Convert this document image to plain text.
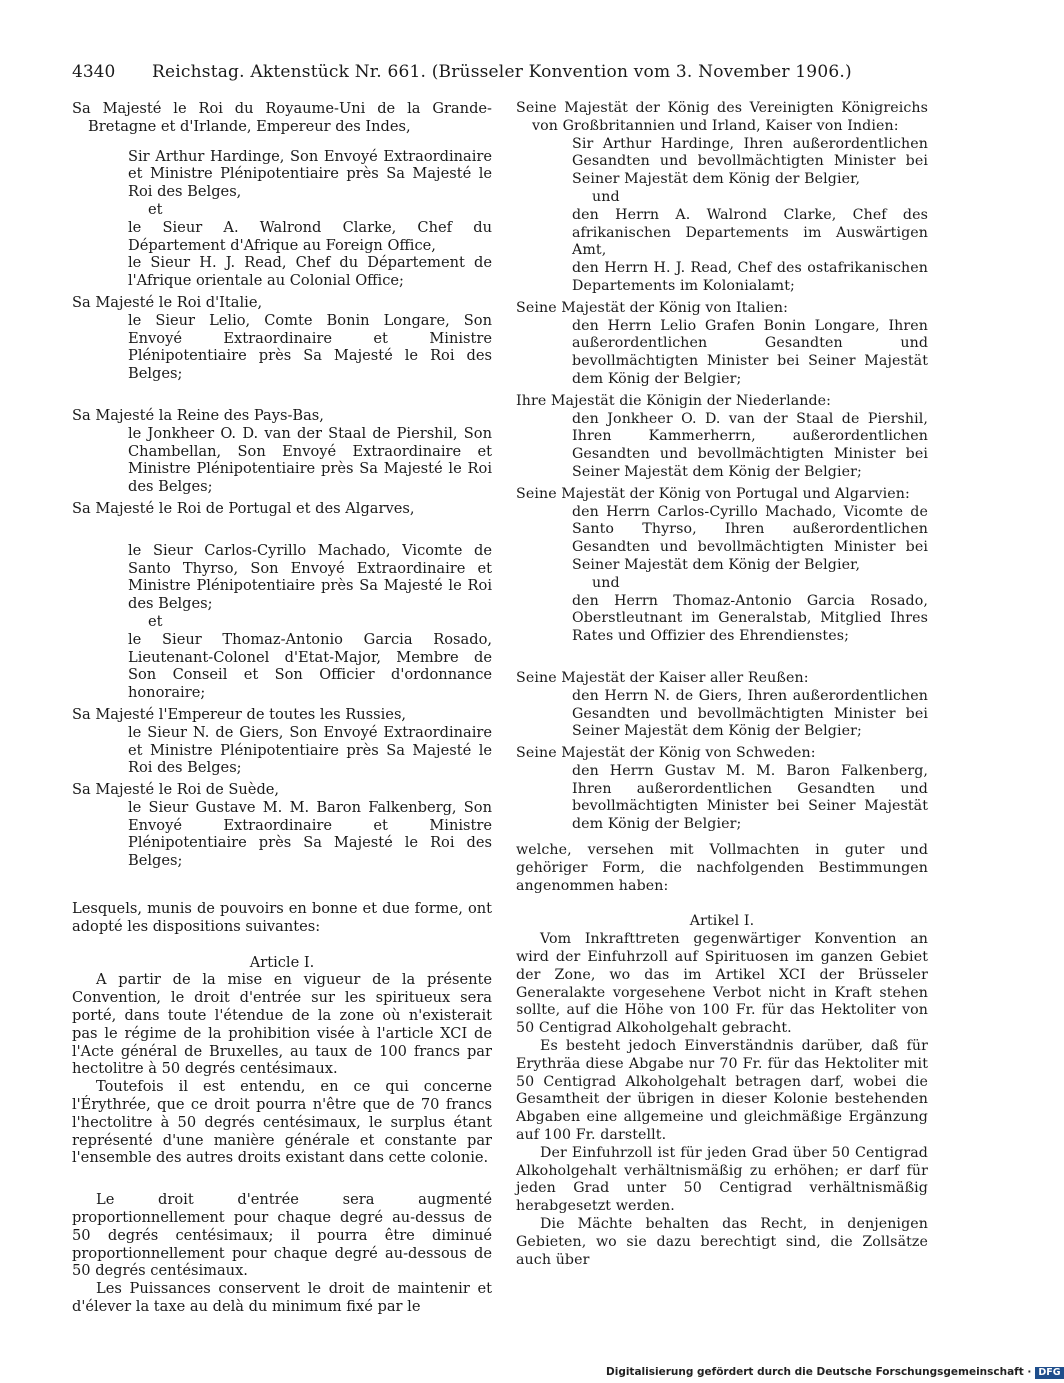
4340 Reichstag. Aktenstück Nr. 661. (Brüsseler Konvention vom 3. November 1906.)

Sa Majesté le Roi du Royaume-Uni de la Grande-Bretagne et d'Irlande, Empereur des Indes,

Sir Arthur Hardinge, Son Envoyé Extraordinaire et Ministre Plénipotentiaire près Sa Majesté le Roi des Belges,

et

le Sieur A. Walrond Clarke, Chef du Département d'Afrique au Foreign Office,

le Sieur H. J. Read, Chef du Département de l'Afrique orientale au Colonial Office;

Sa Majesté le Roi d'Italie,

le Sieur Lelio, Comte Bonin Longare, Son Envoyé Extraordinaire et Ministre Plénipotentiaire près Sa Majesté le Roi des Belges;

Sa Majesté la Reine des Pays-Bas,

le Jonkheer O. D. van der Staal de Piershil, Son Chambellan, Son Envoyé Extraordinaire et Ministre Plénipotentiaire près Sa Majesté le Roi des Belges;

Sa Majesté le Roi de Portugal et des Algarves,

le Sieur Carlos-Cyrillo Machado, Vicomte de Santo Thyrso, Son Envoyé Extraordinaire et Ministre Plénipotentiaire près Sa Majesté le Roi des Belges;

et

le Sieur Thomaz-Antonio Garcia Rosado, Lieutenant-Colonel d'Etat-Major, Membre de Son Conseil et Son Officier d'ordonnance honoraire;

Sa Majesté l'Empereur de toutes les Russies,

le Sieur N. de Giers, Son Envoyé Extraordinaire et Ministre Plénipotentiaire près Sa Majesté le Roi des Belges;

Sa Majesté le Roi de Suède,

le Sieur Gustave M. M. Baron Falkenberg, Son Envoyé Extraordinaire et Ministre Plénipotentiaire près Sa Majesté le Roi des Belges;

Lesquels, munis de pouvoirs en bonne et due forme, ont adopté les dispositions suivantes:

Article I.

A partir de la mise en vigueur de la présente Convention, le droit d'entrée sur les spiritueux sera porté, dans toute l'étendue de la zone où n'existerait pas le régime de la prohibition visée à l'article XCI de l'Acte général de Bruxelles, au taux de 100 francs par hectolitre à 50 degrés centésimaux.

Toutefois il est entendu, en ce qui concerne l'Érythrée, que ce droit pourra n'être que de 70 francs l'hectolitre à 50 degrés centésimaux, le surplus étant représenté d'une manière générale et constante par l'ensemble des autres droits existant dans cette colonie.

Le droit d'entrée sera augmenté proportionnellement pour chaque degré au-dessus de 50 degrés centésimaux; il pourra être diminué proportionnellement pour chaque degré au-dessous de 50 degrés centésimaux.

Les Puissances conservent le droit de maintenir et d'élever la taxe au delà du minimum fixé par le

Seine Majestät der König des Vereinigten Königreichs von Großbritannien und Irland, Kaiser von Indien:

Sir Arthur Hardinge, Ihren außerordentlichen Gesandten und bevollmächtigten Minister bei Seiner Majestät dem König der Belgier,

und

den Herrn A. Walrond Clarke, Chef des afrikanischen Departements im Auswärtigen Amt,

den Herrn H. J. Read, Chef des ostafrikanischen Departements im Kolonialamt;

Seine Majestät der König von Italien:

den Herrn Lelio Grafen Bonin Longare, Ihren außerordentlichen Gesandten und bevollmächtigten Minister bei Seiner Majestät dem König der Belgier;

Ihre Majestät die Königin der Niederlande:

den Jonkheer O. D. van der Staal de Piershil, Ihren Kammerherrn, außerordentlichen Gesandten und bevollmächtigten Minister bei Seiner Majestät dem König der Belgier;

Seine Majestät der König von Portugal und Algarvien:

den Herrn Carlos-Cyrillo Machado, Vicomte de Santo Thyrso, Ihren außerordentlichen Gesandten und bevollmächtigten Minister bei Seiner Majestät dem König der Belgier,

und

den Herrn Thomaz-Antonio Garcia Rosado, Oberstleutnant im Generalstab, Mitglied Ihres Rates und Offizier des Ehrendienstes;

Seine Majestät der Kaiser aller Reußen:

den Herrn N. de Giers, Ihren außerordentlichen Gesandten und bevollmächtigten Minister bei Seiner Majestät dem König der Belgier;

Seine Majestät der König von Schweden:

den Herrn Gustav M. M. Baron Falkenberg, Ihren außerordentlichen Gesandten und bevollmächtigten Minister bei Seiner Majestät dem König der Belgier;

welche, versehen mit Vollmachten in guter und gehöriger Form, die nachfolgenden Bestimmungen angenommen haben:

Artikel I.

Vom Inkrafttreten gegenwärtiger Konvention an wird der Einfuhrzoll auf Spirituosen im ganzen Gebiet der Zone, wo das im Artikel XCI der Brüsseler Generalakte vorgesehene Verbot nicht in Kraft stehen sollte, auf die Höhe von 100 Fr. für das Hektoliter von 50 Centigrad Alkoholgehalt gebracht.

Es besteht jedoch Einverständnis darüber, daß für Erythräa diese Abgabe nur 70 Fr. für das Hektoliter mit 50 Centigrad Alkoholgehalt betragen darf, wobei die Gesamtheit der übrigen in dieser Kolonie bestehenden Abgaben eine allgemeine und gleichmäßige Ergänzung auf 100 Fr. darstellt.

Der Einfuhrzoll ist für jeden Grad über 50 Centigrad Alkoholgehalt verhältnismäßig zu erhöhen; er darf für jeden Grad unter 50 Centigrad verhältnismäßig herabgesetzt werden.

Die Mächte behalten das Recht, in denjenigen Gebieten, wo sie dazu berechtigt sind, die Zollsätze auch über

Digitalisierung gefördert durch die Deutsche Forschungsgemeinschaft · DFG
